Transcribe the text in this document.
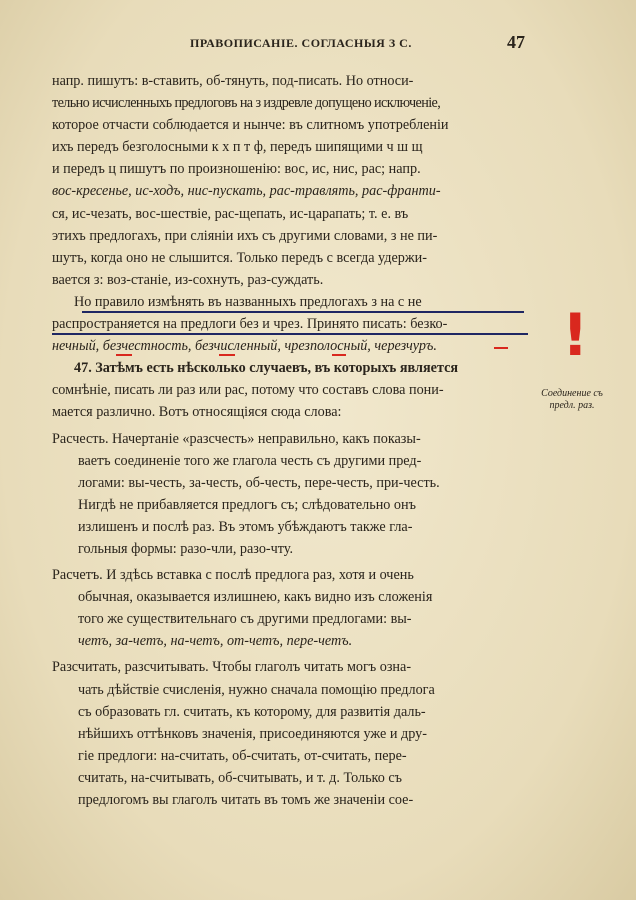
ПРАВОПИСАНІЕ. СОГЛАСНЫЯ З С.	47
напр. пишутъ: в-ставить, об-тянуть, под-писать. Но относи-
тельно исчисленныхъ предлоговъ на з издревле допущено исключеніе,
которое отчасти соблюдается и нынче: въ слитномъ употребленіи
ихъ передъ безголосными к х п т ф, передъ шипящими ч ш щ
и передъ ц пишутъ по произношенію: вос, ис, нис, рас; напр.
вос-кресенье, ис-ходъ, нис-пускать, рас-травлять, рас-франти-
ся, ис-чезать, вос-шествіе, рас-щепать, ис-царапать; т. е. въ
этихъ предлогахъ, при сліяніи ихъ съ другими словами, з не пи-
шутъ, когда оно не слышится. Только передъ с всегда удержи-
вается з: воз-станіе, из-сохнуть, раз-суждать.
Но правило измѣнять въ названныхъ предлогахъ з на с не
распространяется на предлоги без и чрез. Принято писать: безко-
нечный, безчестность, безчисленный, чрезполосный, черезчуръ.
47. Затѣмъ есть нѣсколько случаевъ, въ которыхъ является
сомнѣніе, писать ли раз или рас, потому что составъ слова пони-
мается различно. Вотъ относящіяся сюда слова:
Расчесть. Начертаніе «разсчесть» неправильно, какъ показы-
ваетъ соединеніе того же глагола честь съ другими пред-
логами: вы-честь, за-честь, об-честь, пере-честь, при-честь.
Нигдѣ не прибавляется предлогъ съ; слѣдовательно онъ
излишенъ и послѣ раз. Въ этомъ убѣждаютъ также гла-
гольныя формы: разо-чли, разо-чту.
Расчетъ. И здѣсь вставка с послѣ предлога раз, хотя и очень
обычная, оказывается излишнею, какъ видно изъ сложенія
того же существительнаго съ другими предлогами: вы-
четъ, за-четъ, на-четъ, от-четъ, пере-четъ.
Разсчитать, разсчитывать. Чтобы глаголъ читать могъ озна-
чать дѣйствіе счисленія, нужно сначала помощію предлога
съ образовать гл. считать, къ которому, для развитія даль-
нѣйшихъ оттѣнковъ значенія, присоединяются уже и дру-
гіе предлоги: на-считать, об-считать, от-считать, пере-
считать, на-считывать, об-считывать, и т. д. Только съ
предлогомъ вы глаголъ читать въ томъ же значеніи сое-
!
Соединение съ предл. раз.
